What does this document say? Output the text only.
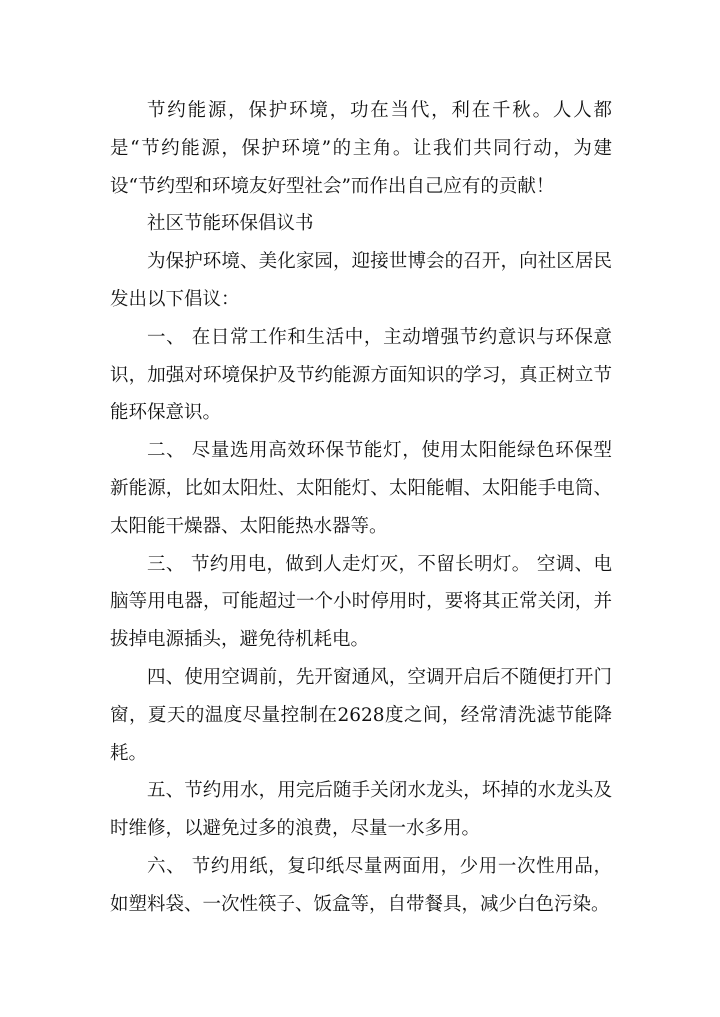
节约能源，保护环境，功在当代，利在千秋。人人都是“节约能源，保护环境”的主角。让我们共同行动，为建设“节约型和环境友好型社会”而作出自己应有的贡献！

社区节能环保倡议书

为保护环境、美化家园，迎接世博会的召开，向社区居民发出以下倡议：

一、 在日常工作和生活中，主动增强节约意识与环保意识，加强对环境保护及节约能源方面知识的学习，真正树立节能环保意识。

二、 尽量选用高效环保节能灯，使用太阳能绿色环保型新能源，比如太阳灶、太阳能灯、太阳能帽、太阳能手电筒、太阳能干燥器、太阳能热水器等。

三、 节约用电，做到人走灯灭，不留长明灯。 空调、电脑等用电器，可能超过一个小时停用时，要将其正常关闭，并拔掉电源插头，避免待机耗电。

四、使用空调前，先开窗通风，空调开启后不随便打开门窗，夏天的温度尽量控制在2628度之间，经常清洗滤节能降耗。

五、节约用水，用完后随手关闭水龙头，坏掉的水龙头及时维修，以避免过多的浪费，尽量一水多用。

六、 节约用纸，复印纸尽量两面用，少用一次性用品，如塑料袋、一次性筷子、饭盒等，自带餐具，减少白色污染。
